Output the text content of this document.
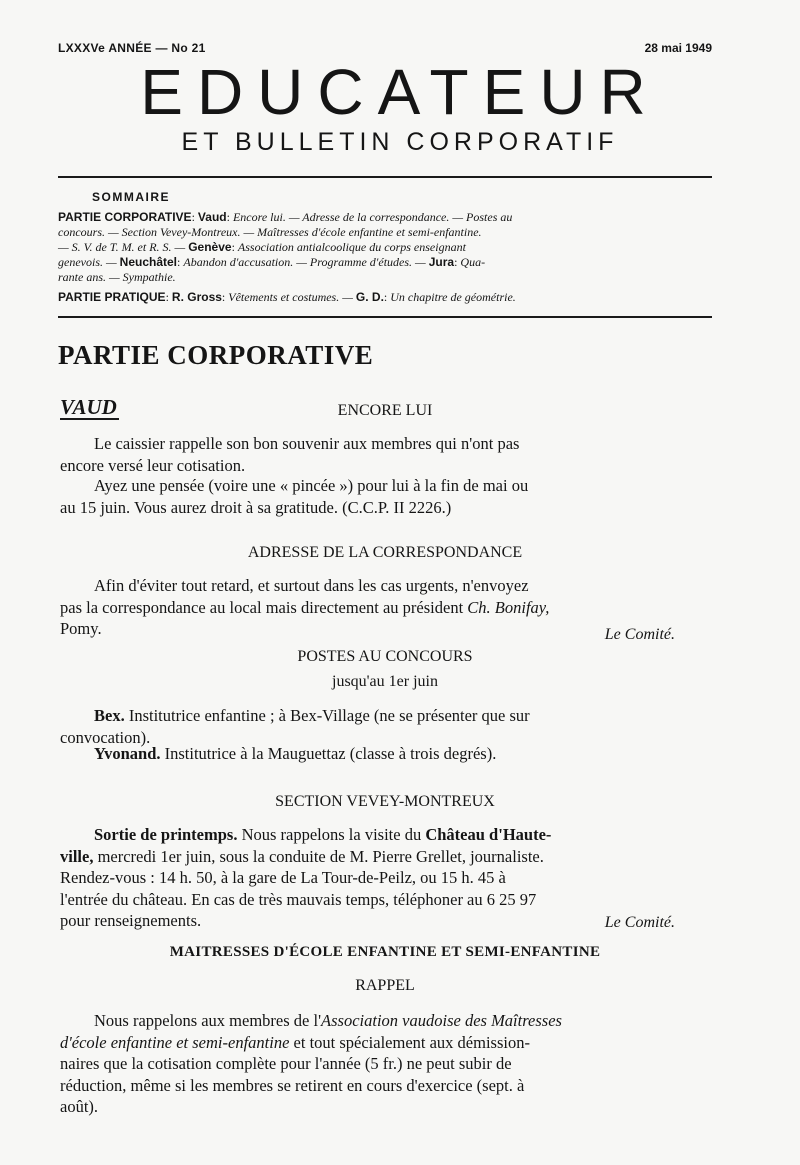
LXXXVe ANNÉE — No 21	28 mai 1949
EDUCATEUR
ET BULLETIN CORPORATIF
SOMMAIRE
PARTIE CORPORATIVE: Vaud: Encore lui. — Adresse de la correspondance. — Postes au
concours. — Section Vevey-Montreux. — Maîtresses d'école enfantine et semi-enfantine.
— S. V. de T. M. et R. S. — Genève: Association antialcoolique du corps enseignant
genevois. — Neuchâtel: Abandon d'accusation. — Programme d'études. — Jura: Qua-
rante ans. — Sympathie.
PARTIE PRATIQUE: R. Gross: Vêtements et costumes. — G. D.: Un chapitre de géométrie.
PARTIE CORPORATIVE
VAUD	ENCORE LUI
Le caissier rappelle son bon souvenir aux membres qui n'ont pas
encore versé leur cotisation.
Ayez une pensée (voire une « pincée ») pour lui à la fin de mai ou
au 15 juin. Vous aurez droit à sa gratitude. (C.C.P. II 2226.)
ADRESSE DE LA CORRESPONDANCE
Afin d'éviter tout retard, et surtout dans les cas urgents, n'envoyez
pas la correspondance au local mais directement au président Ch. Bonifay,
Pomy.	Le Comité.
POSTES AU CONCOURS
jusqu'au 1er juin
Bex. Institutrice enfantine ; à Bex-Village (ne se présenter que sur
convocation).
Yvonand. Institutrice à la Mauguettaz (classe à trois degrés).
SECTION VEVEY-MONTREUX
Sortie de printemps. Nous rappelons la visite du Château d'Haute-
ville, mercredi 1er juin, sous la conduite de M. Pierre Grellet, journaliste.
Rendez-vous : 14 h. 50, à la gare de La Tour-de-Peilz, ou 15 h. 45 à
l'entrée du château. En cas de très mauvais temps, téléphoner au 6 25 97
pour renseignements.	Le Comité.
MAITRESSES D'ÉCOLE ENFANTINE ET SEMI-ENFANTINE
RAPPEL
Nous rappelons aux membres de l'Association vaudoise des Maîtresses
d'école enfantine et semi-enfantine et tout spécialement aux démission-
naires que la cotisation complète pour l'année (5 fr.) ne peut subir de
réduction, même si les membres se retirent en cours d'exercice (sept. à
août).
